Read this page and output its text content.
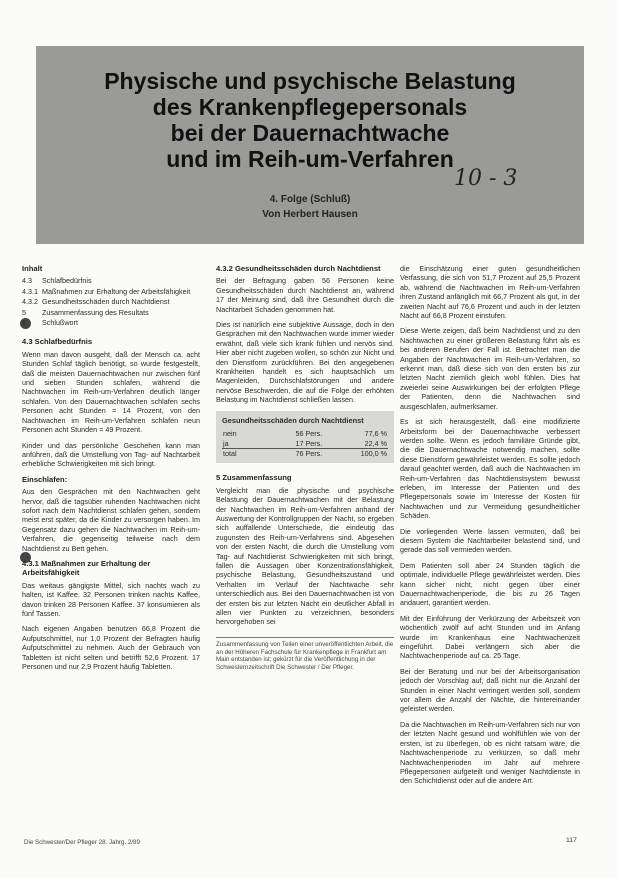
Physische und psychische Belastung
des Krankenpflegepersonals
bei der Dauernachtwache
und im Reih-um-Verfahren
4. Folge (Schluß)
Von Herbert Hausen
10 - 3
Inhalt
4.3	Schlafbedürfnis
4.3.1 Maßnahmen zur Erhaltung der Arbeitsfähigkeit
4.3.2 Gesundheitsschäden durch Nachtdienst
5	Zusammenfassung des Resultats
6	Schlußwort
4.3 Schlafbedürfnis

Wenn man davon ausgeht, daß der Mensch ca. acht Stunden Schlaf täglich benötigt, so wurde festgestellt, daß die meisten Dauernachtwachen nur zwischen fünf und sieben Stunden schlafen, während die Nachtwachen im Reih-um-Verfahren deutlich länger schlafen. Von den Dauernachtwachen schlafen sechs Personen acht Stunden = 14 Prozent, von den Nachtwachen im Reih-um-Verfahren schlafen neun Personen acht Stunden = 49 Prozent.

Kinder und das persönliche Geschehen kann man anführen, daß die Umstellung von Tag- auf Nachtarbeit erhebliche Schwierigkeiten mit sich bringt.

Einschlafen:

Aus den Gesprächen mit den Nachtwachen geht hervor, daß die tagsüber ruhenden Nachtwachen nicht sofort nach dem Nachtdienst schlafen gehen, sondern meist erst später, da die Kinder zu versorgen haben. Im Gegensatz dazu gehen die Nachtwachen im Reih-um-Verfahren, die gegenseitig teilweise nach dem Nachtdienst zu Bett gehen.

4.3.1 Maßnahmen zur Erhaltung der Arbeitsfähigkeit

Das weitaus gängigste Mittel, sich nachts wach zu halten, ist Kaffee. 32 Personen trinken nachts Kaffee, davon trinken 28 Personen Kaffee. 37 konsumieren als fünf Tassen.

Nach eigenen Angaben benutzen 66,8 Prozent die Aufputschmittel, nur 1,0 Prozent der Befragten häufig Aufputschmittel zu nehmen. Auch der Gebrauch von Tabletten ist nicht selten und betrifft 52,6 Prozent. 17 Personen und nur 2,9 Prozent häufig Tabletten.

4.3.2 Gesundheitsschäden durch Nachtdienst

Bei der Befragung gaben 56 Personen keine Gesundheitsschäden durch Nachtdienst an, während 17 der Meinung sind, daß ihre Gesundheit durch die Nachtarbeit Schaden genommen hat.

Dies ist natürlich eine subjektive Aussage, doch in den Gesprächen mit den Nachtwachen wurde immer wieder erwähnt, daß viele sich krank fühlen und nervös sind. Hier aber nicht zugeben wollen, so schön zur Nicht und den Dienstform zurückführen. Bei den angegebenen Krankheiten handelt es sich hauptsächlich um Magenleiden, Durchschlafstörungen und andere nervöse Beschwerden, die auf die Folge der erhöhten Belastung im Nachtdienst schließen lassen.

Gesundheitsschäden durch Nachtdienst
nein	56 Pers.	77,6 %
ja	17 Pers.	22,4 %
total	76 Pers.	100,0 %
5 Zusammenfassung

Vergleicht man die physische und psychische Belastung der Dauernachtwachen mit der Belastung der Nachtwachen im Reih-um-Verfahren anhand der Auswertung der Kontrollgruppen der Nacht, so ergeben sich auffallende Unterschiede, die eindeutig das zugunsten des Reih-um-Verfahrens sind. Abgesehen von der ersten Nacht, die durch die Umstellung vom Tag- auf Nachtdienst Schwierigkeiten mit sich bringt, fallen die Aussagen über Konzentrationsfähigkeit, psychische Belastung, Gesundheitszustand und Verhalten im Verlauf der Nachtwache sehr unterschiedlich aus. Bei den Dauernachtwachen ist von der ersten bis zur letzten Nacht ein deutlicher Abfall in allen vier Punkten zu verzeichnen, besonders hervorgehoben sei

Zusammenfassung von Teilen einer unveröffentlichten Arbeit, die an der Höheren Fachschule für Krankenpflege in Frankfurt am Main entstanden ist; gekürzt für die Veröffentlichung in der Schwesternzeitschrift Die Schwester / Der Pfleger.

die Einschätzung einer guten gesundheitlichen Verfassung, die sich von 51,7 Prozent auf 25,5 Prozent ab, während die Nachtwachen im Reih-um-Verfahren ihren Zustand anfänglich mit 66,7 Prozent als gut, in der zweiten Nacht auf 76,6 Prozent und auch in der letzten Nacht auf 66,8 Prozent einstufen.

Diese Werte zeigen, daß beim Nachtdienst und zu den Nachtwachen zu einer größeren Belastung führt als es bei anderen Berufen der Fall ist. Betrachtet man die Angaben der Nachtwachen im Reih-um-Verfahren, so erkennt man, daß diese sich von den ersten bis zur letzten Nacht ziemlich gleich wohl fühlen. Dies hat zweierlei seine Auswirkungen bei der erfolgten Pflege der Patienten, denn die Nachtwachen sind ausgeschlafen, aufmerksamer.

Es ist sich herausgestellt, daß eine modifizierte Arbeitsform bei der Dauernachtwache verbessert werden sollte. Wenn es jedoch familiäre Gründe gibt, die die Dauernachtwache notwendig machen, sollte diese Dienstform gewährleistet werden. Es sollte jedoch darauf geachtet werden, daß auch die Nachtwachen im Reih-um-Verfahren das Nachtdienstsystem bewusst erleben, im Interesse der Patienten und des Pflegepersonals sowie im Interesse der Kosten für Nachtwachen und zur Vermeidung gesundheitlicher Schäden.

Die vorliegenden Werte lassen vermuten, daß bei diesem System die Nachtarbeiter belastend sind, und gerade das soll vermieden werden.

Dem Patienten soll aber 24 Stunden täglich die optimale, individuelle Pflege gewährleistet werden. Dies kann sicher nicht, nicht gegen über einer Dauernachtwachenperiode, die bis zu 26 Tagen andauert, garantiert werden.

Mit der Einführung der Verkürzung der Arbeitszeit von wöchentlich zwölf auf acht Stunden und im Anfang wurde im Krankenhaus eine Nachtwachenzeit eingeführt. Dabei verlängern sich aber die Nachtwachenperiode auf ca. 25 Tage.

Bei der Beratung und nur bei der Arbeitsorganisation jedoch der Vorschlag auf, daß nicht nur die Anzahl der Stunden in einer Nacht verringert werden soll, sondern vor allem die Anzahl der Nächte, die hintereinander geleistet werden.

Da die Nachtwachen im Reih-um-Verfahren sich nur von der letzten Nacht gesund und wohlfühlen wie von der ersten, ist zu überlegen, ob es nicht ratsam wäre, die Nachtwachenperiode zu verkürzen, so daß mehr Nachtwachenperioden im Jahr auf mehrere Pflegepersonen aufgeteilt und weniger Nachtdienste in den Schichtdienst oder auf die andere Art.

Die Schwester/Der Pfleger 28. Jahrg. 2/89	117
